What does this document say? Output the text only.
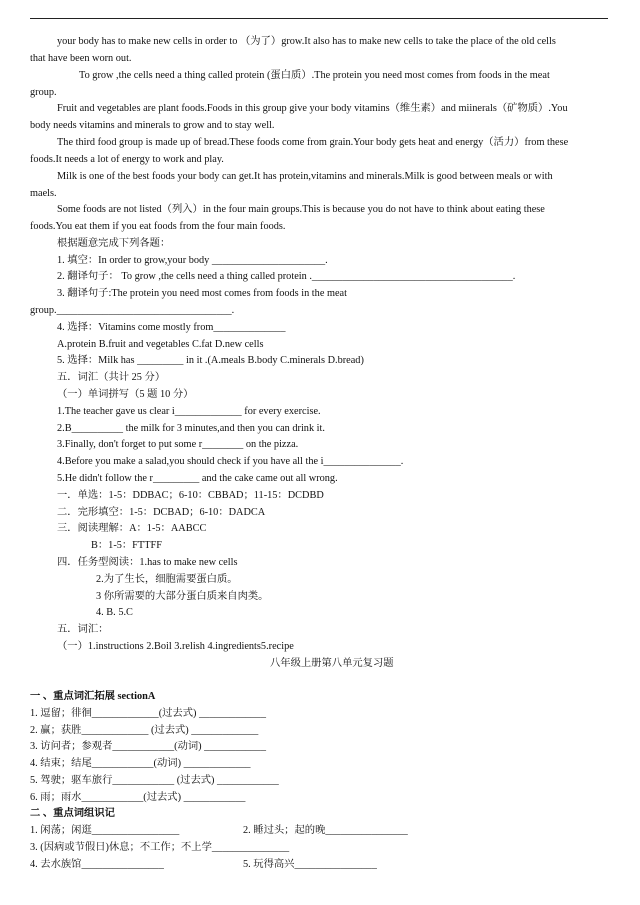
your body has to make new cells in order to （为了）grow.It also has to make new cells to take the place of the old cells
that have been worn out.
To grow ,the cells need a thing called protein (蛋白质）.The protein you need most comes from foods in the meat
group.
Fruit and vegetables are plant foods.Foods in this group give your body vitamins（维生素）and miinerals（矿物质）.You
body needs vitamins and minerals to grow and to stay well.
The third food group is made up of bread.These foods come from grain.Your body gets heat and energy（活力）from these
foods.It needs a lot of energy to work and play.
Milk is one of the best foods your body can get.It has protein,vitamins and minerals.Milk is good between meals or with
maels.
Some foods are not listed（列入）in the four main groups.This is because you do not have to think about eating these
foods.You eat them if you eat foods from the four main foods.
根据题意完成下列各题：
1. 填空：In order to grow,your body ______________________.
2. 翻译句子： To grow ,the cells need a thing called protein ._______________________________________.
3. 翻译句子:The protein you need most comes from foods in the meat
group.__________________________________.
4. 选择：Vitamins come mostly from______________
A.protein B.fruit and vegetables C.fat D.new cells
5. 选择：Milk has _________ in it .(A.meals B.body C.minerals D.bread)
五．词汇（共计 25 分）
（一）单词拼写（5 题 10 分）
1.The teacher gave us clear i_____________ for every exercise.
2.B__________ the milk for 3 minutes,and then you can drink it.
3.Finally, don't forget to put some r________ on the pizza.
4.Before you make a salad,you should check if you have all the i_______________.
5.He didn't follow the r_________ and the cake came out all wrong.
一．单选：1-5：DDBAC；6-10：CBBAD；11-15：DCDBD
二．完形填空：1-5：DCBAD；6-10：DADCA
三．阅读理解：A：1-5：AABCC
B：1-5：FTTFF
四．任务型阅读：1.has to make new cells
2.为了生长，细胞需要蛋白质。
3 你所需要的大部分蛋白质来自肉类。
4. B. 5.C
五．词汇：
（一）1.instructions 2.Boil 3.relish 4.ingredients5.recipe
八年级上册第八单元复习题
一 、重点词汇拓展 sectionA
1. 逗留；徘徊_____________(过去式) _____________
2. 赢；获胜_____________ (过去式) _____________
3. 访问者；参观者____________(动词) ____________
4. 结束；结尾____________(动词) _____________
5. 驾驶；驱车旅行____________ (过去式) ____________
6. 雨；雨水____________(过去式) ____________
二 、重点词组识记
1. 闲荡；闲逛_________________	2. 睡过头；起的晚________________
3. (因病或节假日)休息；不工作；不上学_______________
4. 去水族馆________________	5. 玩得高兴________________
